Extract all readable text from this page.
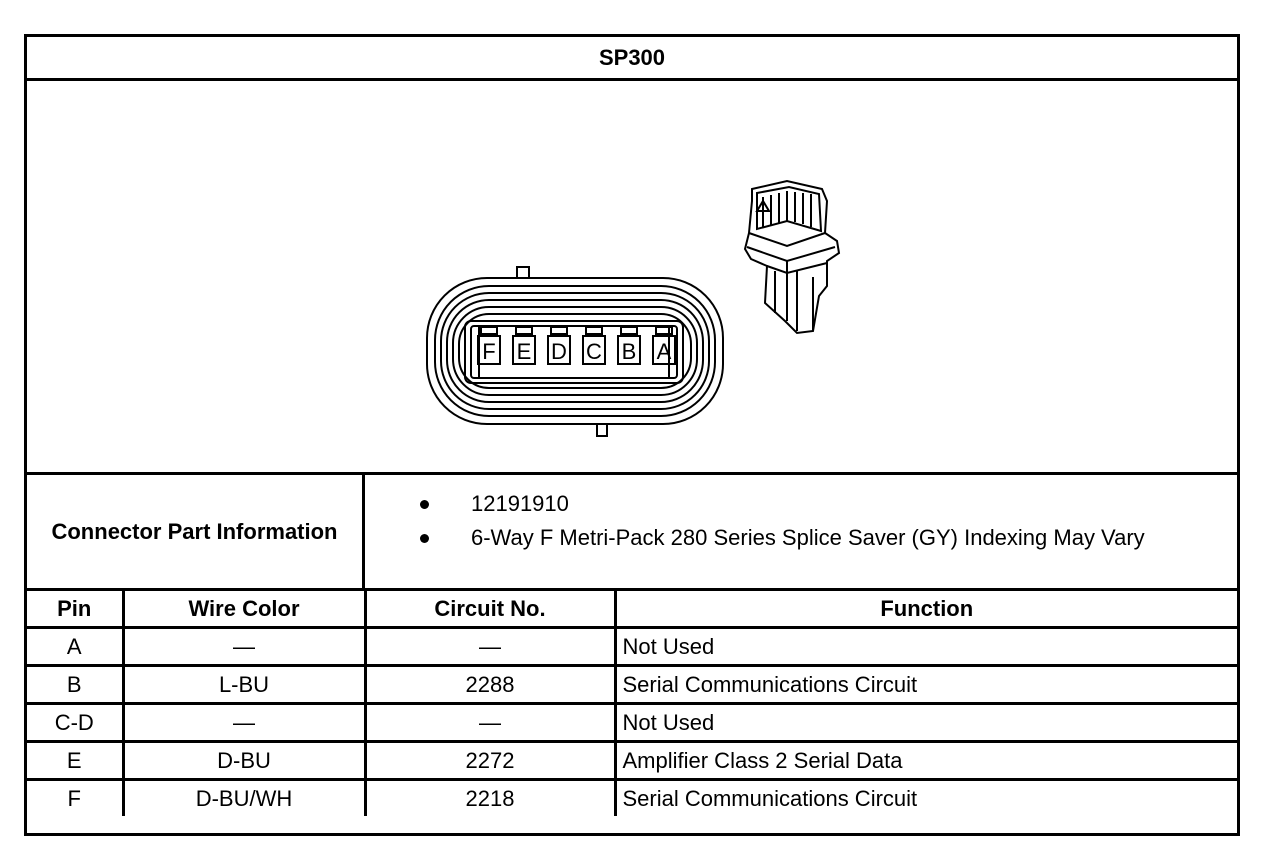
SP300
F E D C B A
Connector Part Information
12191910
6-Way F Metri-Pack 280 Series Splice Saver (GY) Indexing May Vary
Pin	Wire Color	Circuit No.	Function
A	—	—	Not Used
B	L-BU	2288	Serial Communications Circuit
C-D	—	—	Not Used
E	D-BU	2272	Amplifier Class 2 Serial Data
F	D-BU/WH	2218	Serial Communications Circuit
